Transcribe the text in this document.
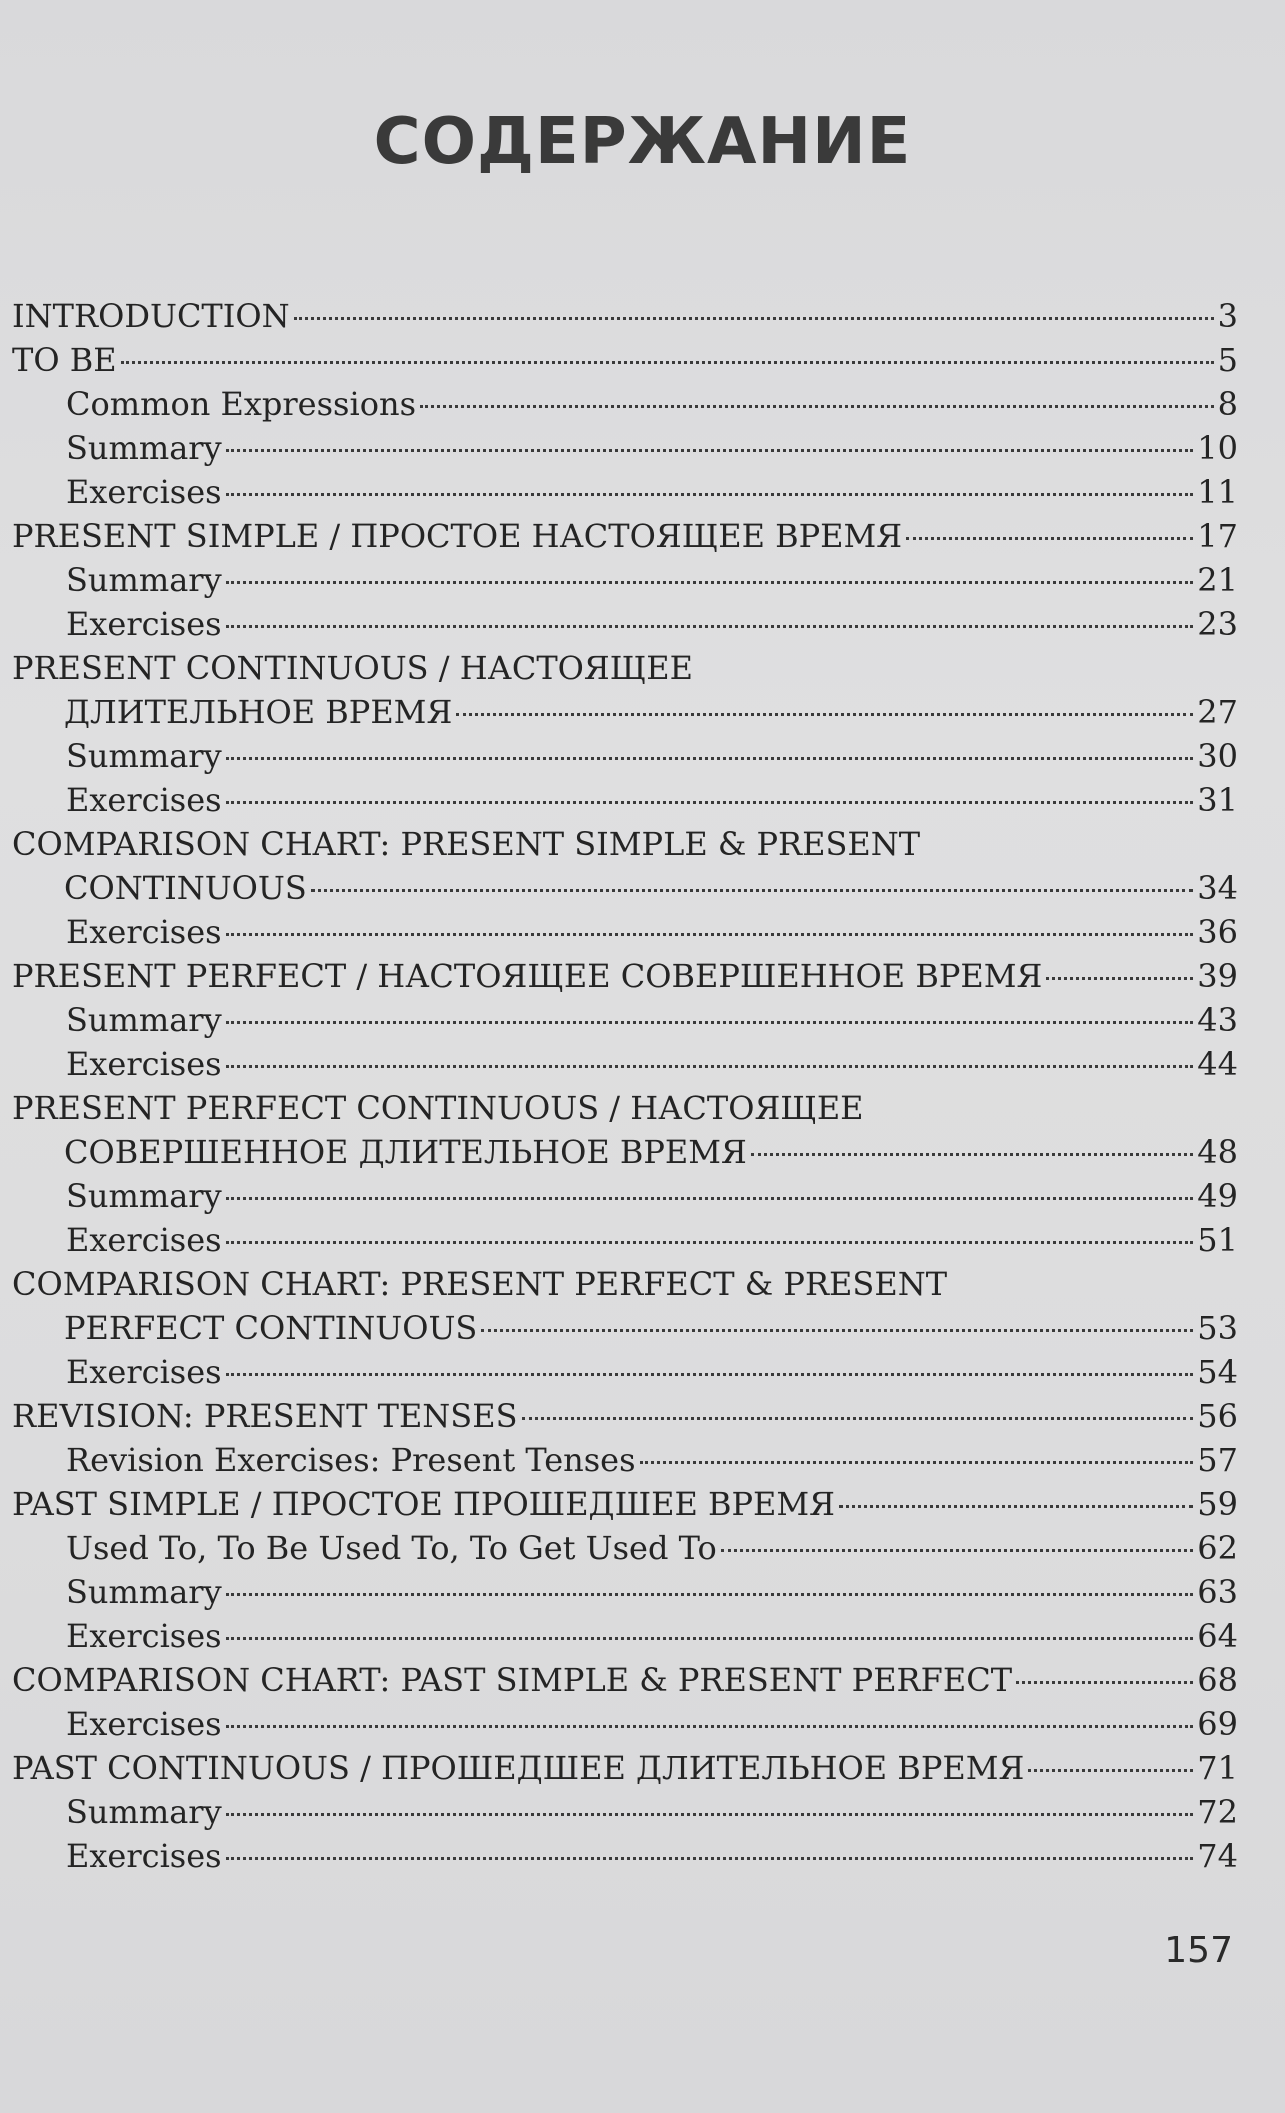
СОДЕРЖАНИЕ
INTRODUCTION	3
TO BE	5
Common Expressions	8
Summary	10
Exercises	11
PRESENT SIMPLE / ПРОСТОЕ НАСТОЯЩЕЕ ВРЕМЯ	17
Summary	21
Exercises	23
PRESENT CONTINUOUS / НАСТОЯЩЕЕ
ДЛИТЕЛЬНОЕ ВРЕМЯ	27
Summary	30
Exercises	31
COMPARISON CHART: PRESENT SIMPLE & PRESENT
CONTINUOUS	34
Exercises	36
PRESENT PERFECT / НАСТОЯЩЕЕ СОВЕРШЕННОЕ ВРЕМЯ	39
Summary	43
Exercises	44
PRESENT PERFECT CONTINUOUS / НАСТОЯЩЕЕ
СОВЕРШЕННОЕ ДЛИТЕЛЬНОЕ ВРЕМЯ	48
Summary	49
Exercises	51
COMPARISON CHART: PRESENT PERFECT & PRESENT
PERFECT CONTINUOUS	53
Exercises	54
REVISION: PRESENT TENSES	56
Revision Exercises: Present Tenses	57
PAST SIMPLE / ПРОСТОЕ ПРОШЕДШЕЕ ВРЕМЯ	59
Used To, To Be Used To, To Get Used To	62
Summary	63
Exercises	64
COMPARISON CHART: PAST SIMPLE & PRESENT PERFECT	68
Exercises	69
PAST CONTINUOUS / ПРОШЕДШЕЕ ДЛИТЕЛЬНОЕ ВРЕМЯ	71
Summary	72
Exercises	74
157
